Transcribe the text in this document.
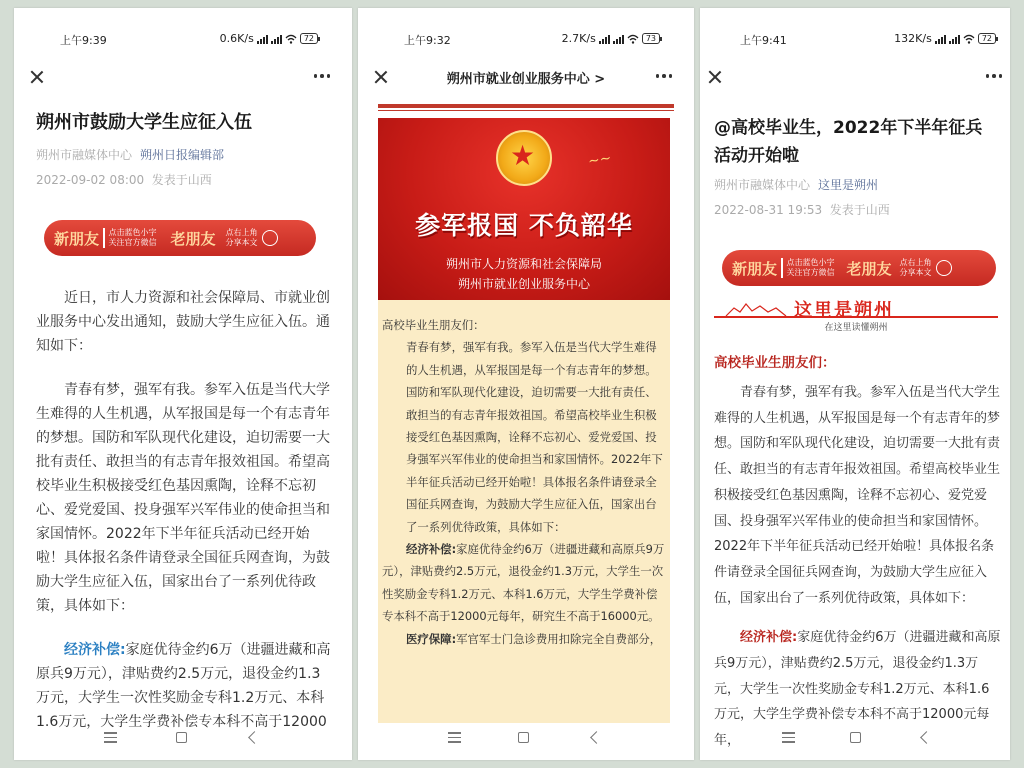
上午9:39	0.6K/s	72
朔州市鼓励大学生应征入伍
朔州市融媒体中心 朔州日报编辑部
2022-09-02 08:00 发表于山西
新朋友 点击蓝色小字
关注官方微信 老朋友 点右上角
分享本文

近日，市人力资源和社会保障局、市就业创业服务中心发出通知，鼓励大学生应征入伍。通知如下：

青春有梦，强军有我。参军入伍是当代大学生难得的人生机遇，从军报国是每一个有志青年的梦想。国防和军队现代化建设，迫切需要一大批有责任、敢担当的有志青年报效祖国。希望高校毕业生积极接受红色基因熏陶，诠释不忘初心、爱党爱国、投身强军兴军伟业的使命担当和家国情怀。2022年下半年征兵活动已经开始啦！具体报名条件请登录全国征兵网查询，为鼓励大学生应征入伍，国家出台了一系列优待政策，具体如下：

经济补偿:家庭优待金约6万（进疆进藏和高原兵9万元），津贴费约2.5万元，退役金约1.3万元，大学生一次性奖励金专科1.2万元、本科1.6万元，大学生学费补偿专本科不高于12000

上午9:32	2.7K/s	73
朔州市就业创业服务中心 >
★	~~
参军报国 不负韶华
朔州市人力资源和社会保障局
朔州市就业创业服务中心

高校毕业生朋友们：

青春有梦，强军有我。参军入伍是当代大学生难得的人生机遇，从军报国是每一个有志青年的梦想。国防和军队现代化建设，迫切需要一大批有责任、敢担当的有志青年报效祖国。希望高校毕业生积极接受红色基因熏陶，诠释不忘初心、爱党爱国、投身强军兴军伟业的使命担当和家国情怀。2022年下半年征兵活动已经开始啦！具体报名条件请登录全国征兵网查询，为鼓励大学生应征入伍，国家出台了一系列优待政策，具体如下：

经济补偿:家庭优待金约6万（进疆进藏和高原兵9万元），津贴费约2.5万元，退役金约1.3万元，大学生一次性奖励金专科1.2万元、本科1.6万元，大学生学费补偿专本科不高于12000元每年，研究生不高于16000元。

医疗保障:军官军士门急诊费用扣除完全自费部分，

上午9:41	132K/s	72
@高校毕业生，2022年下半年征兵活动开始啦
朔州市融媒体中心 这里是朔州
2022-08-31 19:53 发表于山西
新朋友 点击蓝色小字
关注官方微信 老朋友 点右上角
分享本文
这里是朔州
在这里读懂朔州
高校毕业生朋友们：

青春有梦，强军有我。参军入伍是当代大学生难得的人生机遇，从军报国是每一个有志青年的梦想。国防和军队现代化建设，迫切需要一大批有责任、敢担当的有志青年报效祖国。希望高校毕业生积极接受红色基因熏陶，诠释不忘初心、爱党爱国、投身强军兴军伟业的使命担当和家国情怀。2022年下半年征兵活动已经开始啦！具体报名条件请登录全国征兵网查询，为鼓励大学生应征入伍，国家出台了一系列优待政策，具体如下：

经济补偿:家庭优待金约6万（进疆进藏和高原兵9万元），津贴费约2.5万元，退役金约1.3万元，大学生一次性奖励金专科1.2万元、本科1.6万元，大学生学费补偿专本科不高于12000元每年，
